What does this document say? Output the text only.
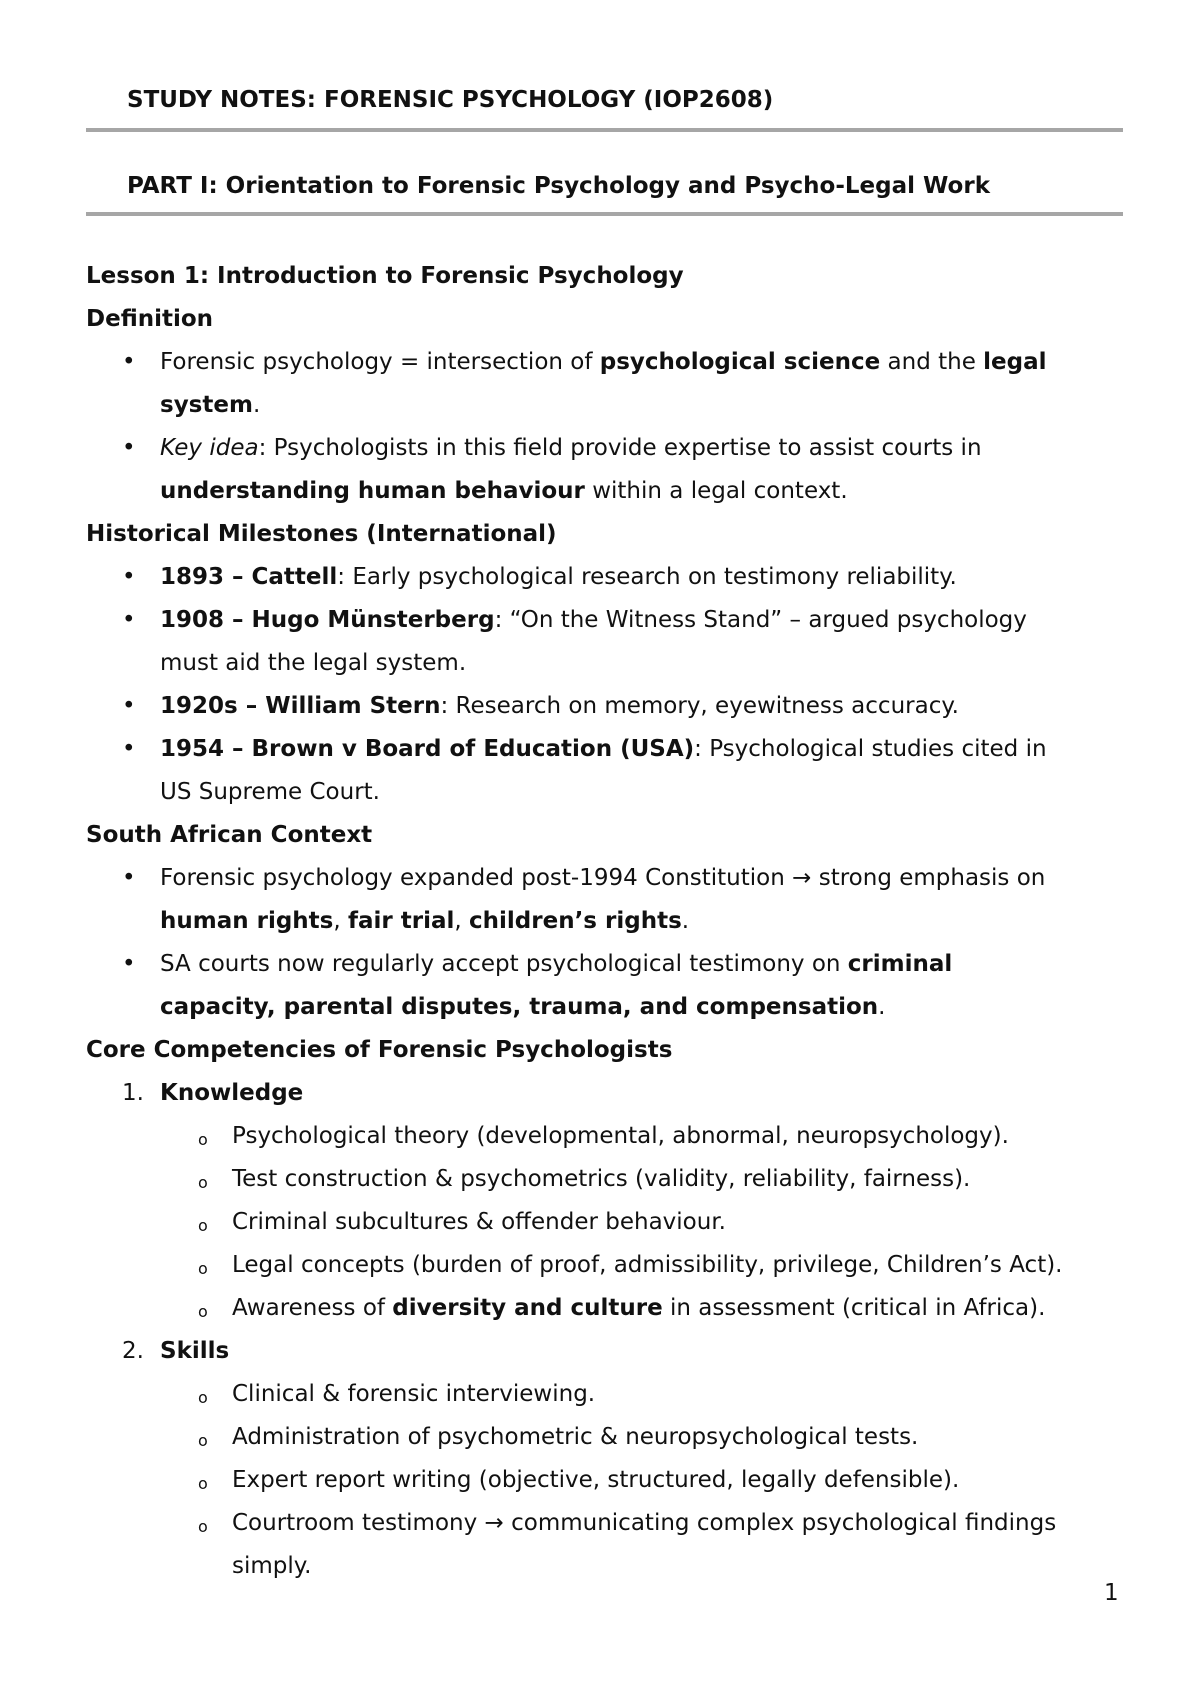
STUDY NOTES: FORENSIC PSYCHOLOGY (IOP2608)
PART I: Orientation to Forensic Psychology and Psycho-Legal Work
Lesson 1: Introduction to Forensic Psychology
Definition
• Forensic psychology = intersection of psychological science and the legal
system.
• Key idea: Psychologists in this field provide expertise to assist courts in
understanding human behaviour within a legal context.
Historical Milestones (International)
• 1893 – Cattell: Early psychological research on testimony reliability.
• 1908 – Hugo Münsterberg: “On the Witness Stand” – argued psychology
must aid the legal system.
• 1920s – William Stern: Research on memory, eyewitness accuracy.
• 1954 – Brown v Board of Education (USA): Psychological studies cited in
US Supreme Court.
South African Context
• Forensic psychology expanded post-1994 Constitution → strong emphasis on
human rights, fair trial, children’s rights.
• SA courts now regularly accept psychological testimony on criminal
capacity, parental disputes, trauma, and compensation.
Core Competencies of Forensic Psychologists
1. Knowledge
o Psychological theory (developmental, abnormal, neuropsychology).
o Test construction & psychometrics (validity, reliability, fairness).
o Criminal subcultures & offender behaviour.
o Legal concepts (burden of proof, admissibility, privilege, Children’s Act).
o Awareness of diversity and culture in assessment (critical in Africa).
2. Skills
o Clinical & forensic interviewing.
o Administration of psychometric & neuropsychological tests.
o Expert report writing (objective, structured, legally defensible).
o Courtroom testimony → communicating complex psychological findings
simply.
1
